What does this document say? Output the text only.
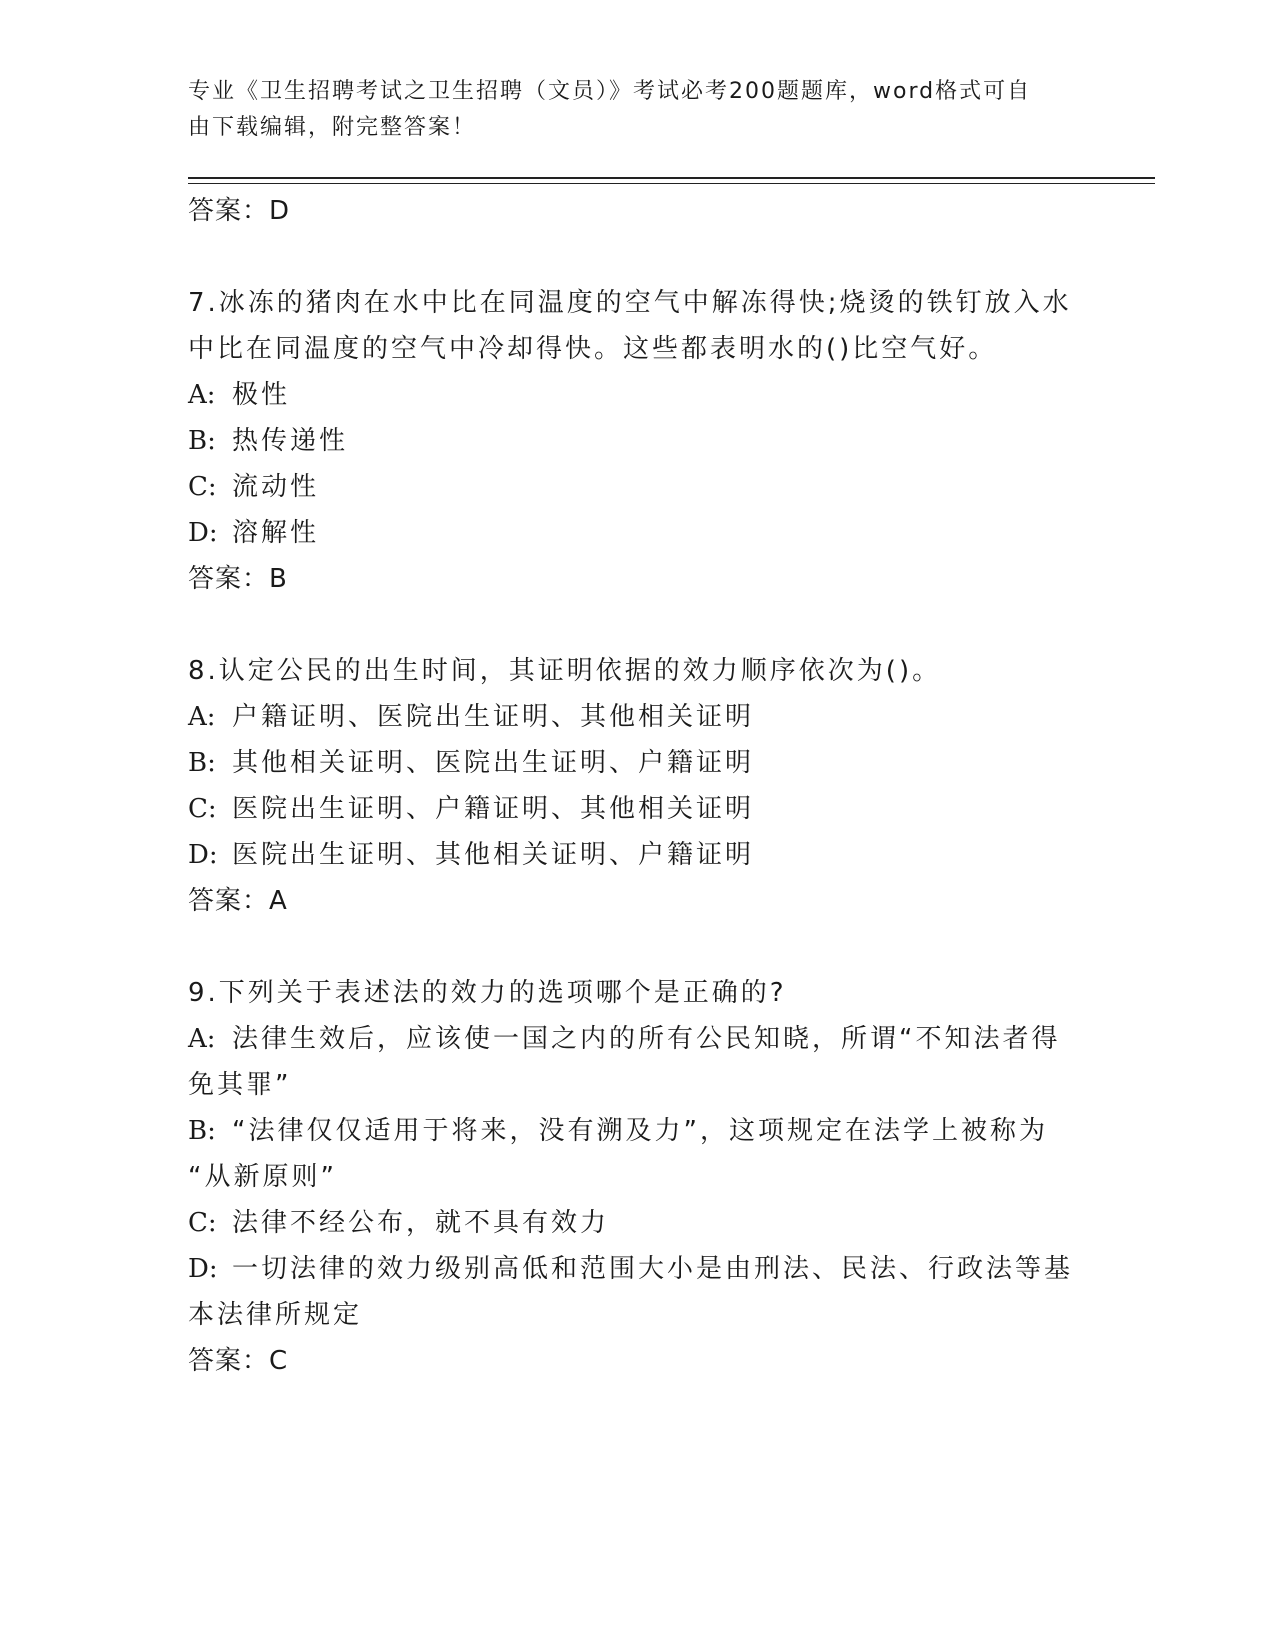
专业《卫生招聘考试之卫生招聘（文员）》考试必考200题题库，word格式可自
由下载编辑，附完整答案！
答案：D
7.冰冻的猪肉在水中比在同温度的空气中解冻得快;烧烫的铁钉放入水
中比在同温度的空气中冷却得快。这些都表明水的()比空气好。
A: 极性
B: 热传递性
C: 流动性
D: 溶解性
答案：B
8.认定公民的出生时间，其证明依据的效力顺序依次为()。
A: 户籍证明、医院出生证明、其他相关证明
B: 其他相关证明、医院出生证明、户籍证明
C: 医院出生证明、户籍证明、其他相关证明
D: 医院出生证明、其他相关证明、户籍证明
答案：A
9.下列关于表述法的效力的选项哪个是正确的?
A: 法律生效后，应该使一国之内的所有公民知晓，所谓“不知法者得
免其罪”
B: “法律仅仅适用于将来，没有溯及力”，这项规定在法学上被称为
“从新原则”
C: 法律不经公布，就不具有效力
D: 一切法律的效力级别高低和范围大小是由刑法、民法、行政法等基
本法律所规定
答案：C
